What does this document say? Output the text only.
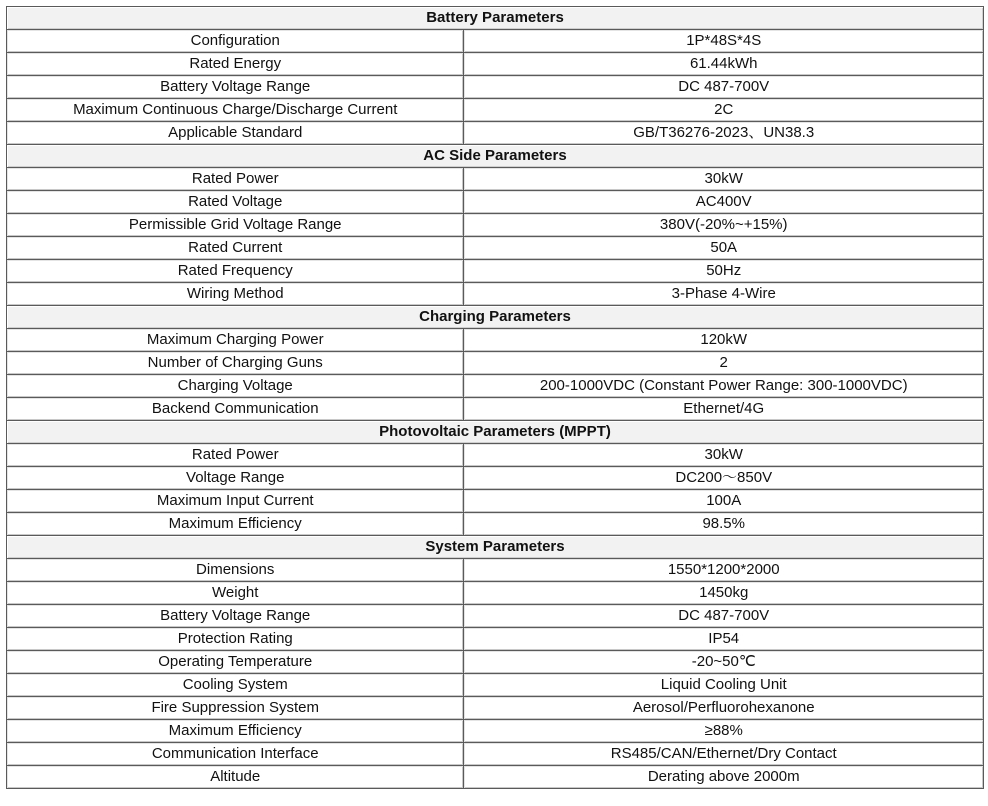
Battery Parameters	
Configuration	1P*48S*4S
Rated Energy	61.44kWh
Battery Voltage Range	DC 487-700V
Maximum Continuous Charge/Discharge Current	2C
Applicable Standard	GB/T36276-2023、UN38.3
AC Side Parameters	
Rated Power	30kW
Rated Voltage	AC400V
Permissible Grid Voltage Range	380V(-20%~+15%)
Rated Current	50A
Rated Frequency	50Hz
Wiring Method	3-Phase 4-Wire
Charging Parameters	
Maximum Charging Power	120kW
Number of Charging Guns	2
Charging Voltage	200-1000VDC (Constant Power Range: 300-1000VDC)
Backend Communication	Ethernet/4G
Photovoltaic Parameters (MPPT)	
Rated Power	30kW
Voltage Range	DC200～850V
Maximum Input Current	100A
Maximum Efficiency	98.5%
System Parameters	
Dimensions	1550*1200*2000
Weight	1450kg
Battery Voltage Range	DC 487-700V
Protection Rating	IP54
Operating Temperature	-20~50℃
Cooling System	Liquid Cooling Unit
Fire Suppression System	Aerosol/Perfluorohexanone
Maximum Efficiency	≥88%
Communication Interface	RS485/CAN/Ethernet/Dry Contact
Altitude	Derating above 2000m
